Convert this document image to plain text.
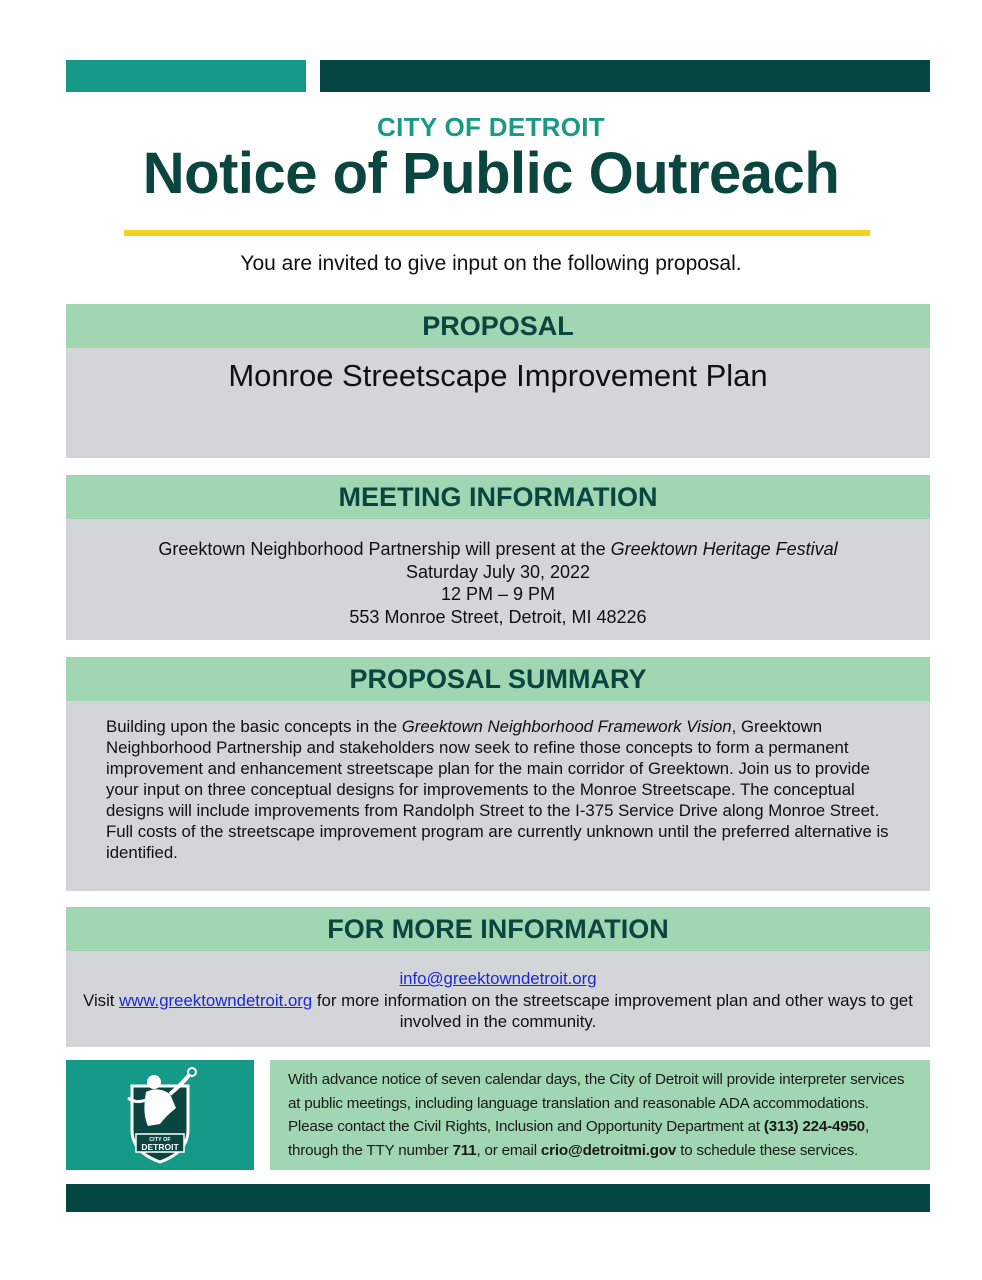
CITY OF DETROIT
Notice of Public Outreach
You are invited to give input on the following proposal.
PROPOSAL
Monroe Streetscape Improvement Plan
MEETING INFORMATION
Greektown Neighborhood Partnership will present at the Greektown Heritage Festival
Saturday July 30, 2022
12 PM – 9 PM
553 Monroe Street, Detroit, MI 48226
PROPOSAL SUMMARY
Building upon the basic concepts in the Greektown Neighborhood Framework Vision, Greektown Neighborhood Partnership and stakeholders now seek to refine those concepts to form a permanent improvement and enhancement streetscape plan for the main corridor of Greektown. Join us to provide your input on three conceptual designs for improvements to the Monroe Streetscape. The conceptual designs will include improvements from Randolph Street to the I-375 Service Drive along Monroe Street. Full costs of the streetscape improvement program are currently unknown until the preferred alternative is identified.
FOR MORE INFORMATION
info@greektowndetroit.org
Visit www.greektowndetroit.org for more information on the streetscape improvement plan and other ways to get involved in the community.
CITY OF
DETROIT
With advance notice of seven calendar days, the City of Detroit will provide interpreter services at public meetings, including language translation and reasonable ADA accommodations. Please contact the Civil Rights, Inclusion and Opportunity Department at (313) 224-4950, through the TTY number 711, or email crio@detroitmi.gov to schedule these services.
